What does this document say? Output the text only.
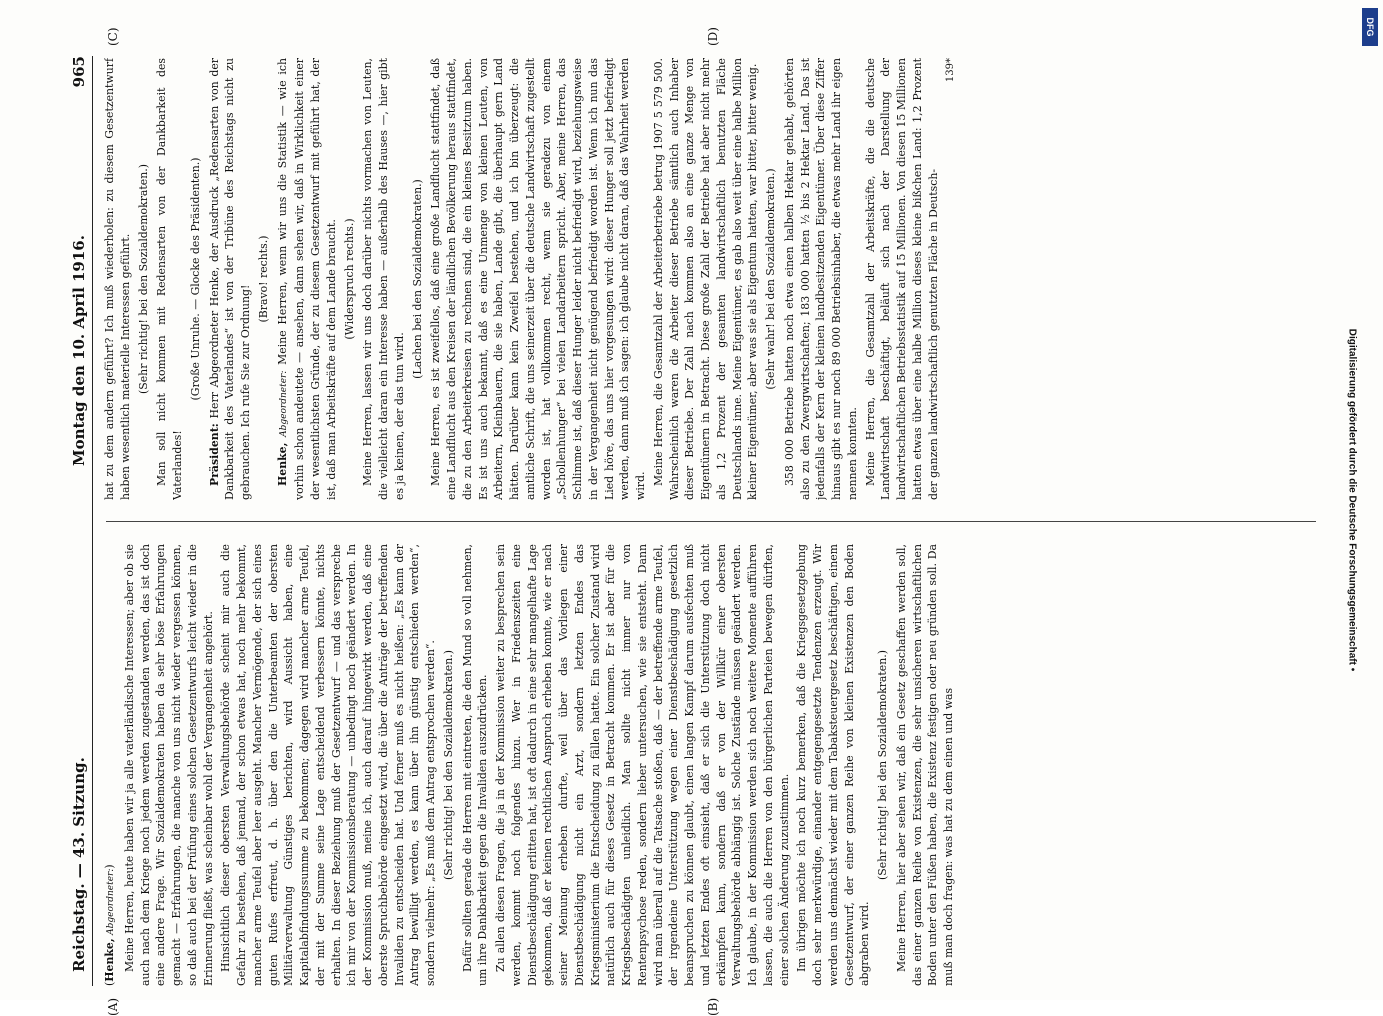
Reichstag. — 43. Sitzung.
Montag den 10. April 1916.
965

(Henke, Abgeordneter:) Meine Herren, heute haben wir ja alle vaterländische Interessen; aber ob sie auch nach dem Kriege noch jedem werden zugestanden werden, das ist doch eine andere Frage. Wir Sozialdemokraten haben da sehr böse Erfahrungen gemacht — Erfahrungen, die manche von uns nicht wieder vergessen können, so daß auch bei der Prüfung eines solchen Gesetzentwurfs leicht wieder in die Erinnerung fließt, was scheinbar wohl der Vergangenheit angehört. Hinsichtlich dieser obersten Verwaltungsbehörde scheint mir auch die Gefahr zu bestehen, daß jemand, der schon etwas hat, noch mehr bekommt, mancher arme Teufel aber leer ausgeht. Mancher Vermögende, der sich eines guten Rufes erfreut, d. h. über den die Unterbeamten der obersten Militärverwaltung Günstiges berichten, wird Aussicht haben, eine Kapitalabfindungssumme zu bekommen; dagegen wird mancher arme Teufel, der mit der Summe seine Lage entscheidend verbessern könnte, nichts erhalten. In dieser Beziehung muß der Gesetzentwurf — und das verspreche ich mir von der Kommissionsberatung — unbedingt noch geändert werden. In der Kommission muß, meine ich, auch darauf hingewirkt werden, daß eine oberste Spruchbehörde eingesetzt wird, die über die Anträge der betreffenden Invaliden zu entscheiden hat. Und ferner muß es nicht heißen: „Es kann der Antrag bewilligt werden, es kann über ihn günstig entschieden werden“, sondern vielmehr: „Es muß dem Antrag entsprochen werden“. (Sehr richtig! bei den Sozialdemokraten.) Dafür sollten gerade die Herren mit eintreten, die den Mund so voll nehmen, um ihre Dankbarkeit gegen die Invaliden auszudrücken. Zu allen diesen Fragen, die ja in der Kommission weiter zu besprechen sein werden, kommt noch folgendes hinzu. Wer in Friedenszeiten eine Dienstbeschädigung erlitten hat, ist oft dadurch in eine sehr mangelhafte Lage gekommen, daß er keinen rechtlichen Anspruch erheben konnte, wie er nach seiner Meinung erheben durfte, weil über das Vorliegen einer Dienstbeschädigung nicht ein Arzt, sondern letzten Endes das Kriegsministerium die Entscheidung zu fällen hatte. Ein solcher Zustand wird natürlich auch für dieses Gesetz in Betracht kommen. Er ist aber für die Kriegsbeschädigten unleidlich. Man sollte nicht immer nur von Rentenpsychose reden, sondern lieber untersuchen, wie sie entsteht. Dann wird man überall auf die Tatsache stoßen, daß — der betreffende arme Teufel, der irgendeine Unterstützung wegen einer Dienstbeschädigung gesetzlich beanspruchen zu können glaubt, einen langen Kampf darum ausfechten muß und letzten Endes oft einsieht, daß er sich die Unterstützung doch nicht erkämpfen kann, sondern daß er von der Willkür einer obersten Verwaltungsbehörde abhängig ist. Solche Zustände müssen geändert werden. Ich glaube, in der Kommission werden sich noch weitere Momente aufführen lassen, die auch die Herren von den bürgerlichen Parteien bewegen dürften, einer solchen Änderung zuzustimmen. Im übrigen möchte ich noch kurz bemerken, daß die Kriegsgesetzgebung doch sehr merkwürdige, einander entgegengesetzte Tendenzen erzeugt. Wir werden uns demnächst wieder mit dem Tabaksteuergesetz beschäftigen, einem Gesetzentwurf, der einer ganzen Reihe von kleinen Existenzen den Boden abgraben wird.

(Sehr richtig! bei den Sozialdemokraten.) Meine Herren, hier aber sehen wir, daß ein Gesetz geschaffen werden soll, das einer ganzen Reihe von Existenzen, die sehr unsicheren wirtschaftlichen Boden unter den Füßen haben, die Existenz festigen oder neu gründen soll. Da muß man doch fragen: was hat zu dem einen und was

hat zu dem andern geführt? Ich muß wiederholen: zu diesem Gesetzentwurf haben wesentlich materielle Interessen geführt. (Sehr richtig! bei den Sozialdemokraten.) Man soll nicht kommen mit Redensarten von der Dankbarkeit des Vaterlandes!

(Große Unruhe. — Glocke des Präsidenten.)

Präsident: Herr Abgeordneter Henke, der Ausdruck „Redensarten von der Dankbarkeit des Vaterlandes“ ist von der Tribüne des Reichstags nicht zu gebrauchen. Ich rufe Sie zur Ordnung!

(Bravo! rechts.)

Henke, Abgeordneter: Meine Herren, wenn wir uns die Statistik — wie ich vorhin schon andeutete — ansehen, dann sehen wir, daß in Wirklichkeit einer der wesentlichsten Gründe, der zu diesem Gesetzentwurf mit geführt hat, der ist, daß man Arbeitskräfte auf dem Lande braucht. (Widerspruch rechts.) Meine Herren, lassen wir uns doch darüber nichts vormachen von Leuten, die vielleicht daran ein Interesse haben — außerhalb des Hauses —, hier gibt es ja keinen, der das tun wird.

(Lachen bei den Sozialdemokraten.) Meine Herren, es ist zweifellos, daß eine große Landflucht stattfindet, daß eine Landflucht aus den Kreisen der ländlichen Bevölkerung heraus stattfindet, die zu den Arbeiterkreisen zu rechnen sind, die ein kleines Besitztum haben. Es ist uns auch bekannt, daß es eine Unmenge von kleinen Leuten, von Arbeitern, Kleinbauern, die sie haben, Lande gibt, die überhaupt gern Land hätten. Darüber kann kein Zweifel bestehen, und ich bin überzeugt: die amtliche Schrift, die uns seinerzeit über die deutsche Landwirtschaft zugestellt worden ist, hat vollkommen recht, wenn sie geradezu von einem „Schollenhunger“ bei vielen Landarbeitern spricht. Aber, meine Herren, das Schlimme ist, daß dieser Hunger leider nicht befriedigt wird, beziehungsweise in der Vergangenheit nicht genügend befriedigt worden ist. Wenn ich nun das Lied höre, das uns hier vorgesungen wird: dieser Hunger soll jetzt befriedigt werden, dann muß ich sagen: ich glaube nicht daran, daß das Wahrheit werden wird. Meine Herren, die Gesamtzahl der Arbeiterbetriebe betrug 1907 5 579 500. Wahrscheinlich waren die Arbeiter dieser Betriebe sämtlich auch Inhaber dieser Betriebe. Der Zahl nach kommen also an eine ganze Menge von Eigentümern in Betracht. Diese große Zahl der Betriebe hat aber nicht mehr als 1,2 Prozent der gesamten landwirtschaftlich benutzten Fläche Deutschlands inne. Meine Eigentümer, es gab also weit über eine halbe Million kleiner Eigentümer, aber was sie als Eigentum hatten, war bitter, bitter wenig. (Sehr wahr! bei den Sozialdemokraten.) 358 000 Betriebe hatten noch etwa einen halben Hektar gehabt, gehörten also zu den Zwergwirtschaften; 183 000 hatten ½ bis 2 Hektar Land. Das ist jedenfalls der Kern der kleinen landbesitzenden Eigentümer. Über diese Ziffer hinaus gibt es nur noch 89 000 Betriebsinhaber, die etwas mehr Land ihr eigen nennen konnten. Meine Herren, die Gesamtzahl der Arbeitskräfte, die die deutsche Landwirtschaft beschäftigt, beläuft sich nach der Darstellung der landwirtschaftlichen Betriebsstatistik auf 15 Millionen. Von diesen 15 Millionen hatten etwas über eine halbe Million dieses kleine bißchen Land: 1,2 Prozent der ganzen landwirtschaftlich genutzten Fläche in Deutsch-

139*

(A)	(B)
(C)	(D)
Digitalisierung gefördert durch die Deutsche Forschungsgemeinschaft •
DFG
